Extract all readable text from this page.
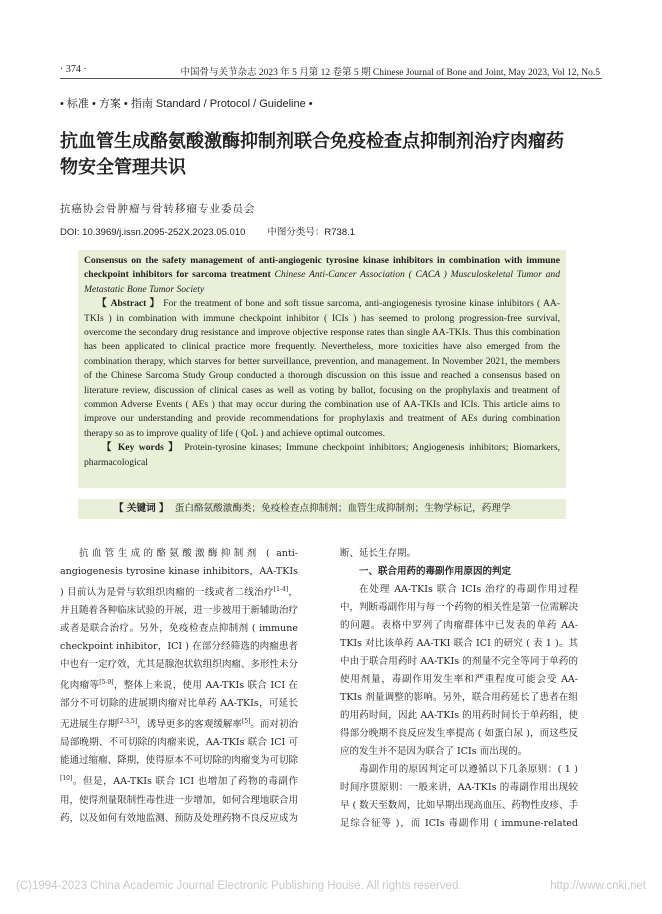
· 374 ·	中国骨与关节杂志 2023 年 5 月第 12 卷第 5 期 Chinese Journal of Bone and Joint, May 2023, Vol 12, No.5
• 标准 • 方案 • 指南 Standard / Protocol / Guideline •
抗血管生成酪氨酸激酶抑制剂联合免疫检查点抑制剂治疗肉瘤药物安全管理共识
抗癌协会骨肿瘤与骨转移瘤专业委员会
DOI: 10.3969/j.issn.2095-252X.2023.05.010 中图分类号：R738.1

Consensus on the safety management of anti-angiogenic tyrosine kinase inhibitors in combination with immune checkpoint inhibitors for sarcoma treatment Chinese Anti-Cancer Association ( CACA ) Musculoskeletal Tumor and Metastatic Bone Tumor Society

【 Abstract 】 For the treatment of bone and soft tissue sarcoma, anti-angiogenesis tyrosine kinase inhibitors ( AA-TKIs ) in combination with immune checkpoint inhibitor ( ICIs ) has seemed to prolong progression-free survival, overcome the secondary drug resistance and improve objective response rates than single AA-TKIs. Thus this combination has been applicated to clinical practice more frequently. Nevertheless, more toxicities have also emerged from the combination therapy, which starves for better surveillance, prevention, and management. In November 2021, the members of the Chinese Sarcoma Study Group conducted a thorough discussion on this issue and reached a consensus based on literature review, discussion of clinical cases as well as voting by ballot, focusing on the prophylaxis and treatment of common Adverse Events ( AEs ) that may occur during the combination use of AA-TKIs and ICIs. This article aims to improve our understanding and provide recommendations for prophylaxis and treatment of AEs during combination therapy so as to improve quality of life ( QoL ) and achieve optimal outcomes.

【 Key words 】 Protein-tyrosine kinases; Immune checkpoint inhibitors; Angiogenesis inhibitors; Biomarkers, pharmacological

【 关键词 】 蛋白酪氨酸激酶类；免疫检查点抑制剂；血管生成抑制剂；生物学标记，药理学

抗血管生成的酪氨酸激酶抑制剂 ( anti-angiogenesis tyrosine kinase inhibitors，AA-TKIs ) 目前认为是骨与软组织肉瘤的一线或者二线治疗[1-4]，并且随着各种临床试验的开展，进一步被用于新辅助治疗或者是联合治疗。另外，免疫检查点抑制剂 ( immune checkpoint inhibitor，ICI ) 在部分经筛选的肉瘤患者中也有一定疗效，尤其是腺泡状软组织肉瘤、多形性未分化肉瘤等[5-9]，整体上来说，使用 AA-TKIs 联合 ICI 在部分不可切除的进展期肉瘤对比单药 AA-TKIs，可延长无进展生存期[2-3,5]，诱导更多的客观缓解率[5]。而对初治局部晚期、不可切除的肉瘤来说，AA-TKIs 联合 ICI 可能通过缩瘤、降期，使得原本不可切除的肉瘤变为可切除[10]。但是，AA-TKIs 联合 ICI 也增加了药物的毒副作用，使得剂量限制性毒性进一步增加，如何合理地联合用药，以及如何有效地监测、预防及处理药物不良反应成为

断、延长生存期。

一、联合用药的毒副作用原因的判定

在处理 AA-TKIs 联合 ICIs 治疗的毒副作用过程中，判断毒副作用与每一个药物的相关性是第一位需解决的问题。表格中罗列了肉瘤群体中已发表的单药 AA-TKIs 对比该单药 AA-TKI 联合 ICI 的研究 ( 表 1 )。其中由于联合用药时 AA-TKIs 的剂量不完全等同于单药的使用剂量，毒副作用发生率和严重程度可能会受 AA-TKIs 剂量调整的影响。另外，联合用药延长了患者在组的用药时间，因此 AA-TKIs 的用药时间长于单药组，使得部分晚期不良反应发生率提高 ( 如蛋白尿 )，而这些反应的发生并不是因为联合了 ICIs 而出现的。

毒副作用的原因判定可以遵循以下几条原则：( 1 ) 时间序贯原则：一般来讲，AA-TKIs 的毒副作用出现较早 ( 数天至数周，比如早期出现高血压、药物性皮疹、手足综合征等 )，而 ICIs 毒副作用 ( immune-related

(C)1994-2023 China Academic Journal Electronic Publishing House. All rights reserved.	http://www.cnki.net
